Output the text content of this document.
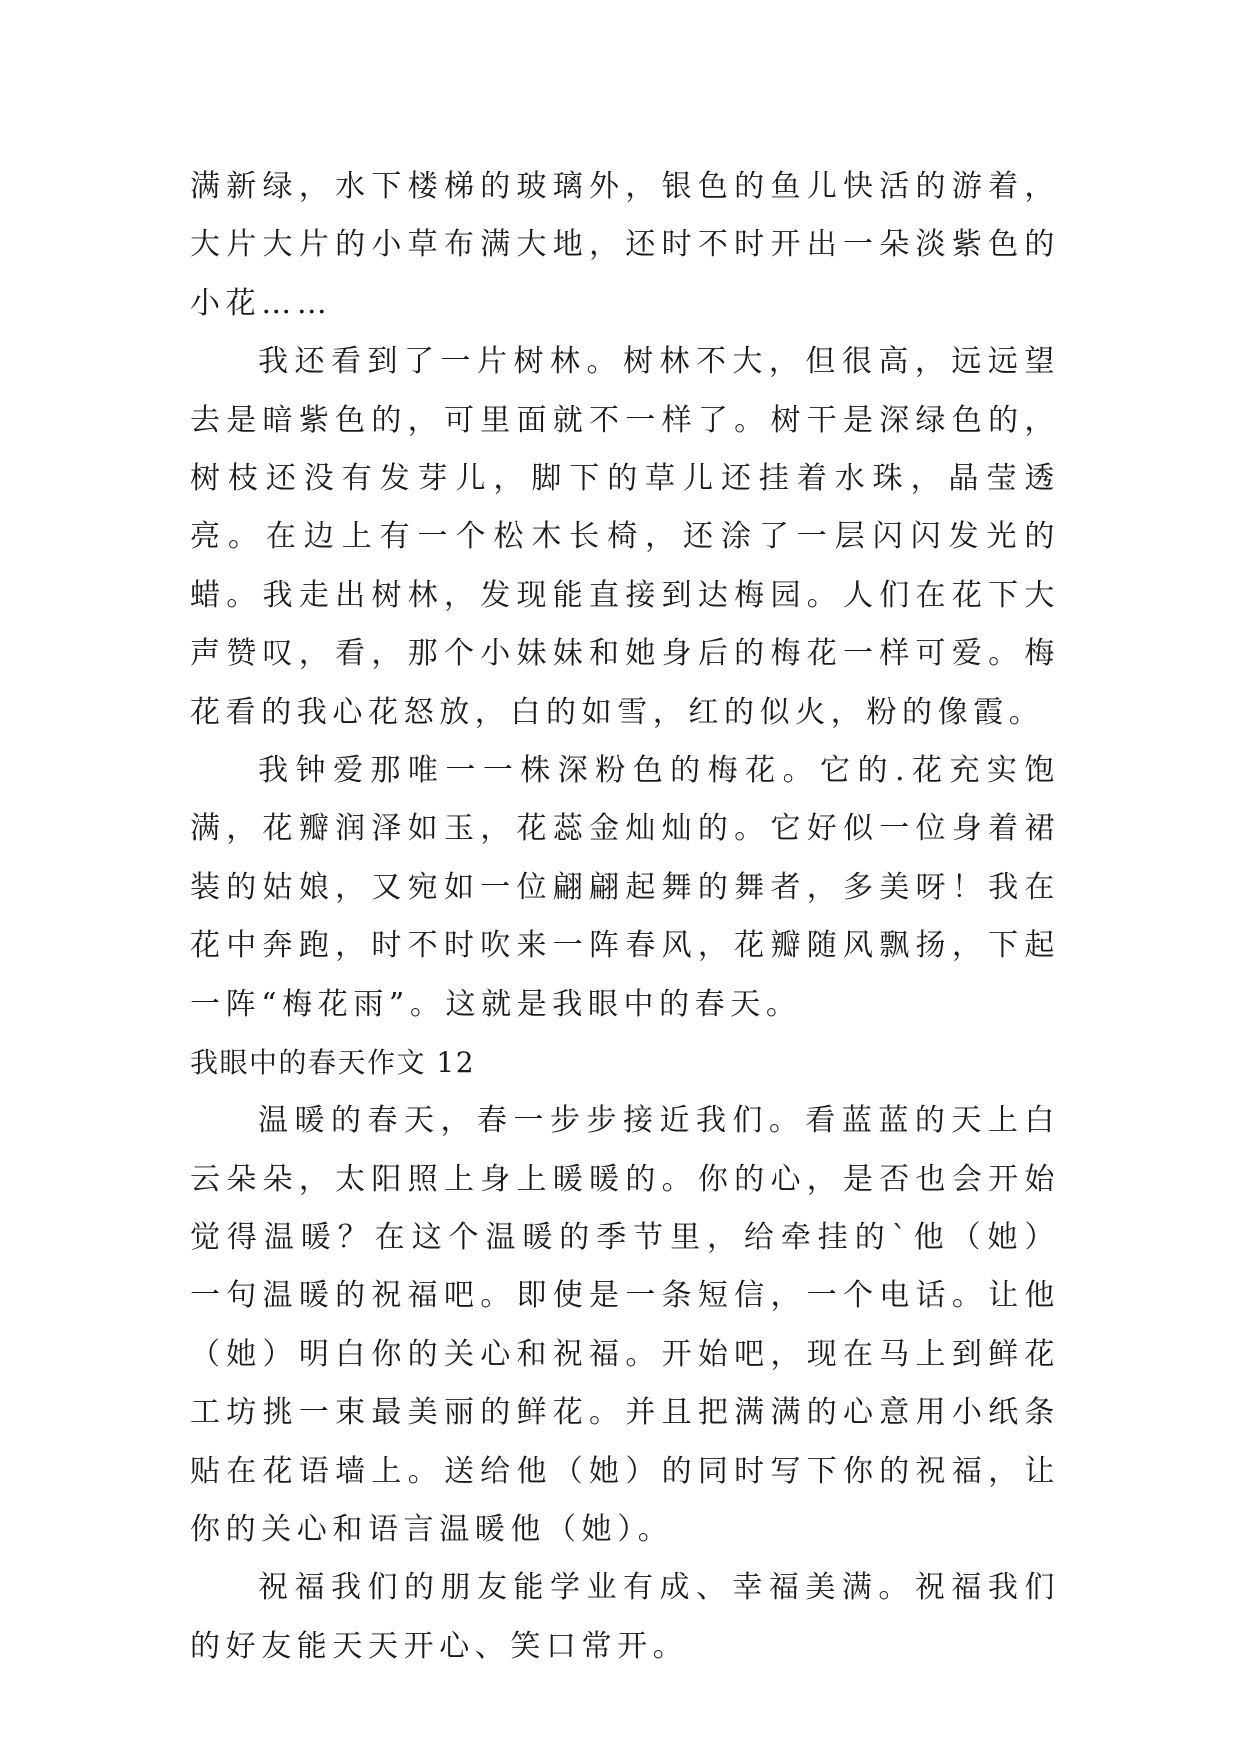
满新绿，水下楼梯的玻璃外，银色的鱼儿快活的游着，大片大片的小草布满大地，还时不时开出一朵淡紫色的小花……

我还看到了一片树林。树林不大，但很高，远远望去是暗紫色的，可里面就不一样了。树干是深绿色的，树枝还没有发芽儿，脚下的草儿还挂着水珠，晶莹透亮。在边上有一个松木长椅，还涂了一层闪闪发光的蜡。我走出树林，发现能直接到达梅园。人们在花下大声赞叹，看，那个小妹妹和她身后的梅花一样可爱。梅花看的我心花怒放，白的如雪，红的似火，粉的像霞。

我钟爱那唯一一株深粉色的梅花。它的.花充实饱满，花瓣润泽如玉，花蕊金灿灿的。它好似一位身着裙装的姑娘，又宛如一位翩翩起舞的舞者，多美呀！我在花中奔跑，时不时吹来一阵春风，花瓣随风飘扬，下起一阵“梅花雨”。这就是我眼中的春天。

我眼中的春天作文 12

温暖的春天，春一步步接近我们。看蓝蓝的天上白云朵朵，太阳照上身上暖暖的。你的心，是否也会开始觉得温暖？在这个温暖的季节里，给牵挂的`他（她）一句温暖的祝福吧。即使是一条短信，一个电话。让他（她）明白你的关心和祝福。开始吧，现在马上到鲜花工坊挑一束最美丽的鲜花。并且把满满的心意用小纸条贴在花语墙上。送给他（她）的同时写下你的祝福，让你的关心和语言温暖他（她）。

祝福我们的朋友能学业有成、幸福美满。祝福我们的好友能天天开心、笑口常开。
